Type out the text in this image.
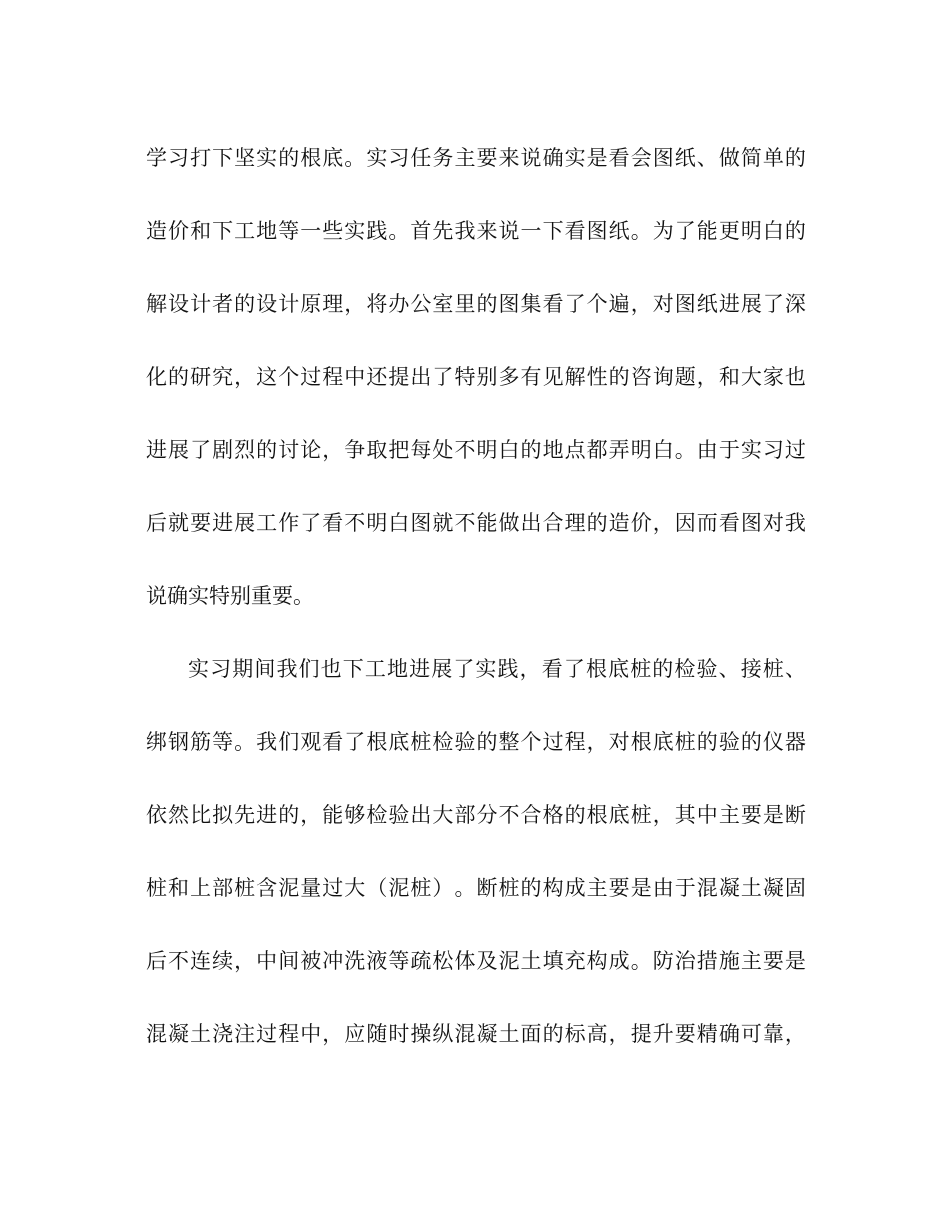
学 习 打 下 坚 实 的 根 底 。 实 习 任 务 主 要 来 说 确 实 是 看 会 图 纸 、 做 简 单 的
造 价 和 下 工 地 等 一 些 实 践 。 首 先 我 来 说 一 下 看 图 纸 。 为 了 能 更 明 白 的
解 设 计 者 的 设 计 原 理 ， 将 办 公 室 里 的 图 集 看 了 个 遍 ， 对 图 纸 进 展 了 深
化 的 研 究 ， 这 个 过 程 中 还 提 出 了 特 别 多 有 见 解 性 的 咨 询 题 ， 和 大 家 也
进 展 了 剧 烈 的 讨 论 ， 争 取 把 每 处 不 明 白 的 地 点 都 弄 明 白 。 由 于 实 习 过
后 就 要 进 展 工 作 了 看 不 明 白 图 就 不 能 做 出 合 理 的 造 价 ， 因 而 看 图 对 我
说确实特别重要。
实 习 期 间 我 们 也 下 工 地 进 展 了 实 践 ， 看 了 根 底 桩 的 检 验 、 接 桩 、
绑 钢 筋 等 。 我 们 观 看 了 根 底 桩 检 验 的 整 个 过 程 ， 对 根 底 桩 的 验 的 仪 器
依 然 比 拟 先 进 的 ， 能 够 检 验 出 大 部 分 不 合 格 的 根 底 桩 ， 其 中 主 要 是 断
桩 和 上 部 桩 含 泥 量 过 大 （ 泥 桩 ） 。 断 桩 的 构 成 主 要 是 由 于 混 凝 土 凝 固
后 不 连 续 ， 中 间 被 冲 洗 液 等 疏 松 体 及 泥 土 填 充 构 成 。 防 治 措 施 主 要 是
混 凝 土 浇 注 过 程 中 ， 应 随 时 操 纵 混 凝 土 面 的 标 高 ， 提 升 要 精 确 可 靠 ，
